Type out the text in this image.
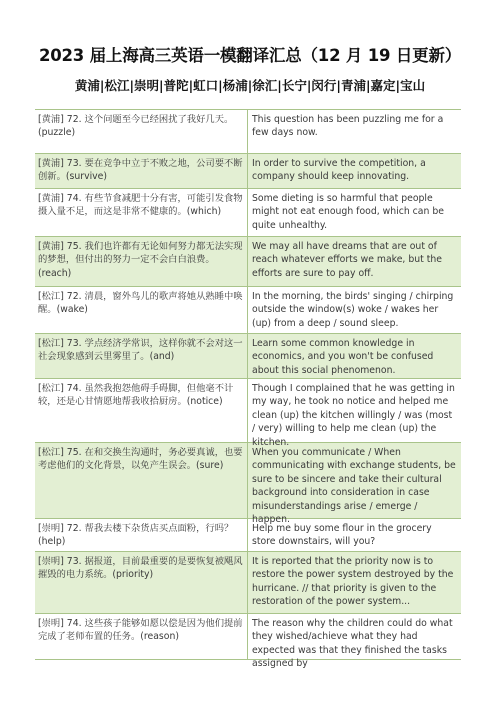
2023 届上海高三英语一模翻译汇总（12 月 19 日更新）
黄浦|松江|崇明|普陀|虹口|杨浦|徐汇|长宁|闵行|青浦|嘉定|宝山
[黄浦] 72. 这个问题至今已经困扰了我好几天。(puzzle)
This question has been puzzling me for a few days now.
[黄浦] 73. 要在竞争中立于不败之地，公司要不断创新。(survive)
In order to survive the competition, a company should keep innovating.
[黄浦] 74. 有些节食减肥十分有害，可能引发食物摄入量不足，而这是非常不健康的。(which)
Some dieting is so harmful that people might not eat enough food, which can be quite unhealthy.
[黄浦] 75. 我们也许都有无论如何努力都无法实现的梦想，但付出的努力一定不会白白浪费。(reach)
We may all have dreams that are out of reach whatever efforts we make, but the efforts are sure to pay off.
[松江] 72. 清晨，窗外鸟儿的歌声将她从熟睡中唤醒。(wake)
In the morning, the birds' singing / chirping outside the window(s) woke / wakes her (up) from a deep / sound sleep.
[松江] 73. 学点经济学常识，这样你就不会对这一社会现象感到云里雾里了。(and)
Learn some common knowledge in economics, and you won't be confused about this social phenomenon.
[松江] 74. 虽然我抱怨他碍手碍脚，但他毫不计较，还是心甘情愿地帮我收拾厨房。(notice)
Though I complained that he was getting in my way, he took no notice and helped me clean (up) the kitchen willingly / was (most / very) willing to help me clean (up) the kitchen.
[松江] 75. 在和交换生沟通时，务必要真诚，也要考虑他们的文化背景，以免产生误会。(sure)
When you communicate / When communicating with exchange students, be sure to be sincere and take their cultural background into consideration in case misunderstandings arise / emerge / happen.
[崇明] 72. 帮我去楼下杂货店买点面粉，行吗？(help)
Help me buy some flour in the grocery store downstairs, will you?
[崇明] 73. 据报道，目前最重要的是要恢复被飓风摧毁的电力系统。(priority)
It is reported that the priority now is to restore the power system destroyed by the hurricane. // that priority is given to the restoration of the power system...
[崇明] 74. 这些孩子能够如愿以偿是因为他们提前完成了老师布置的任务。(reason)
The reason why the children could do what they wished/achieve what they had expected was that they finished the tasks assigned by
